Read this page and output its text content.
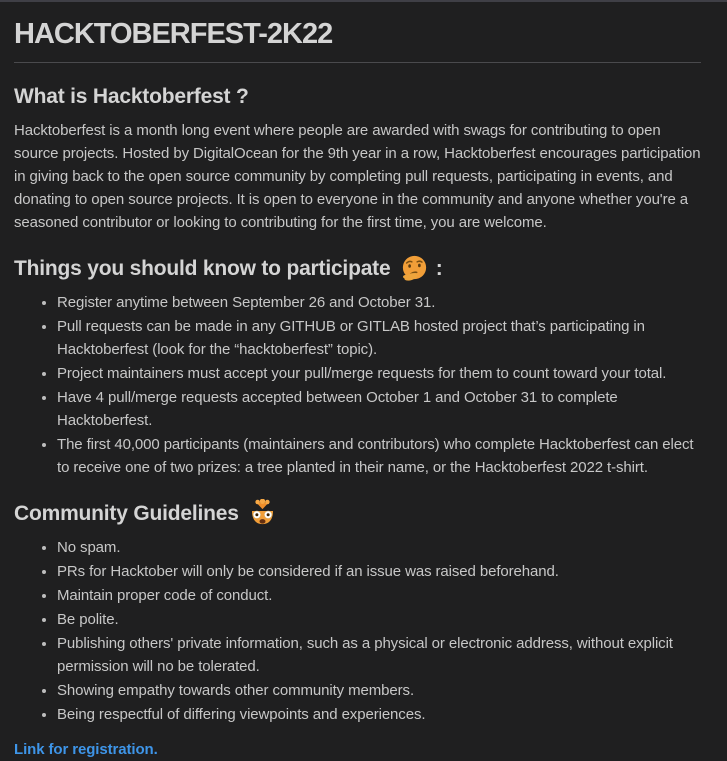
HACKTOBERFEST-2K22
What is Hacktoberfest ?

Hacktoberfest is a month long event where people are awarded with swags for contributing to open source projects. Hosted by DigitalOcean for the 9th year in a row, Hacktoberfest encourages participation in giving back to the open source community by completing pull requests, participating in events, and donating to open source projects. It is open to everyone in the community and anyone whether you're a seasoned contributor or looking to contributing for the first time, you are welcome.

Things you should know to participate :
• Register anytime between September 26 and October 31.
• Pull requests can be made in any GITHUB or GITLAB hosted project that’s participating in Hacktoberfest (look for the “hacktoberfest” topic).
• Project maintainers must accept your pull/merge requests for them to count toward your total.
• Have 4 pull/merge requests accepted between October 1 and October 31 to complete Hacktoberfest.
• The first 40,000 participants (maintainers and contributors) who complete Hacktoberfest can elect to receive one of two prizes: a tree planted in their name, or the Hacktoberfest 2022 t-shirt.
Community Guidelines
• No spam.
• PRs for Hacktober will only be considered if an issue was raised beforehand.
• Maintain proper code of conduct.
• Be polite.
• Publishing others' private information, such as a physical or electronic address, without explicit permission will no be tolerated.
• Showing empathy towards other community members.
• Being respectful of differing viewpoints and experiences.

Link for registration.
